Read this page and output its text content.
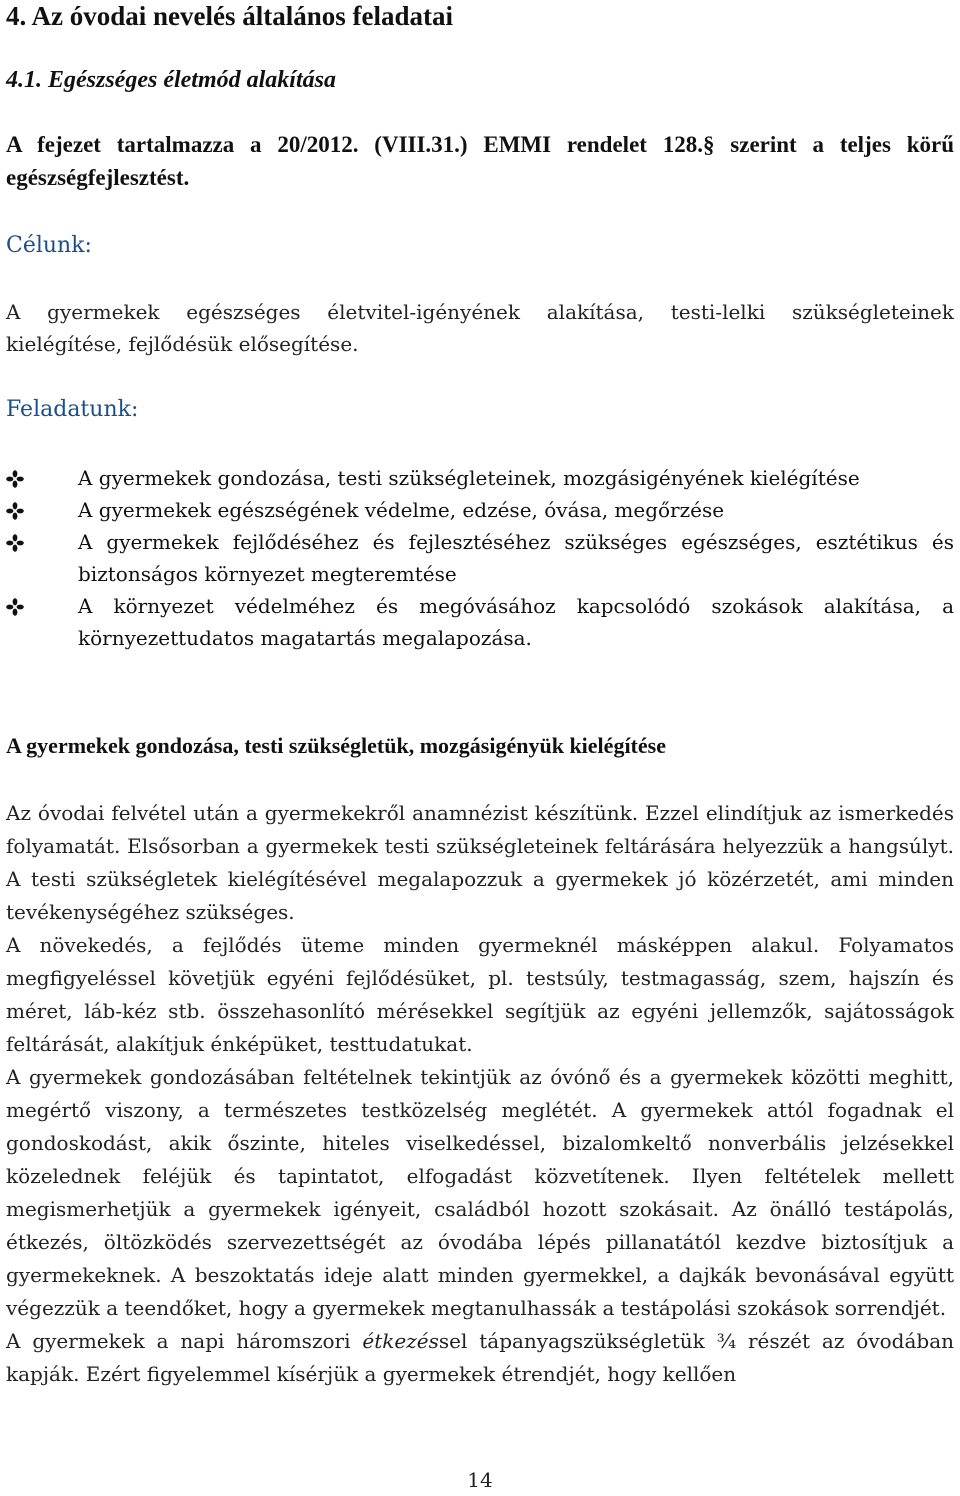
4. Az óvodai nevelés általános feladatai
4.1. Egészséges életmód alakítása

A fejezet tartalmazza a 20/2012. (VIII.31.) EMMI rendelet 128.§ szerint a teljes körű egészségfejlesztést.

Célunk:

A gyermekek egészséges életvitel-igényének alakítása, testi-lelki szükségleteinek kielégítése, fejlődésük elősegítése.

Feladatunk:
A gyermekek gondozása, testi szükségleteinek, mozgásigényének kielégítése
A gyermekek egészségének védelme, edzése, óvása, megőrzése
A gyermekek fejlődéséhez és fejlesztéséhez szükséges egészséges, esztétikus és biztonságos környezet megteremtése
A környezet védelméhez és megóvásához kapcsolódó szokások alakítása, a környezettudatos magatartás megalapozása.
A gyermekek gondozása, testi szükségletük, mozgásigényük kielégítése

Az óvodai felvétel után a gyermekekről anamnézist készítünk. Ezzel elindítjuk az ismerkedés folyamatát. Elsősorban a gyermekek testi szükségleteinek feltárására helyezzük a hangsúlyt. A testi szükségletek kielégítésével megalapozzuk a gyermekek jó közérzetét, ami minden tevékenységéhez szükséges.

A növekedés, a fejlődés üteme minden gyermeknél másképpen alakul. Folyamatos megfigyeléssel követjük egyéni fejlődésüket, pl. testsúly, testmagasság, szem, hajszín és méret, láb-kéz stb. összehasonlító mérésekkel segítjük az egyéni jellemzők, sajátosságok feltárását, alakítjuk énképüket, testtudatukat.

A gyermekek gondozásában feltételnek tekintjük az óvónő és a gyermekek közötti meghitt, megértő viszony, a természetes testközelség meglétét. A gyermekek attól fogadnak el gondoskodást, akik őszinte, hiteles viselkedéssel, bizalomkeltő nonverbális jelzésekkel közelednek feléjük és tapintatot, elfogadást közvetítenek. Ilyen feltételek mellett megismerhetjük a gyermekek igényeit, családból hozott szokásait. Az önálló testápolás, étkezés, öltözködés szervezettségét az óvodába lépés pillanatától kezdve biztosítjuk a gyermekeknek. A beszoktatás ideje alatt minden gyermekkel, a dajkák bevonásával együtt végezzük a teendőket, hogy a gyermekek megtanulhassák a testápolási szokások sorrendjét.

A gyermekek a napi háromszori étkezéssel tápanyagszükségletük ¾ részét az óvodában kapják. Ezért figyelemmel kísérjük a gyermekek étrendjét, hogy kellően

14
